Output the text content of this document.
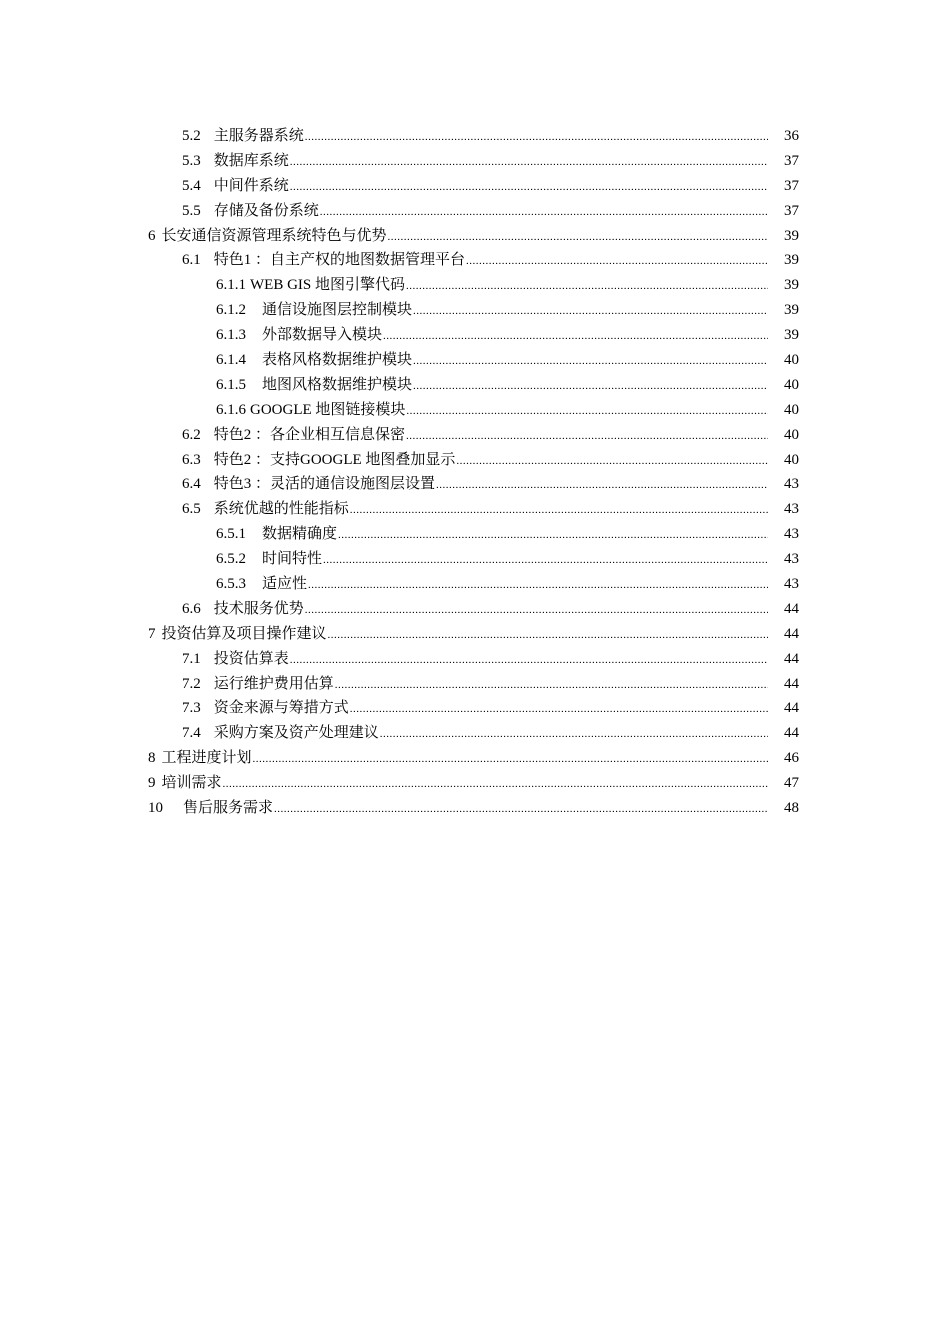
5.2 主服务器系统 .....	36
5.3 数据库系统 .....	37
5.4 中间件系统 .....	37
5.5 存储及备份系统 .....	37
6 长安通信资源管理系统特色与优势 .....	39
6.1 特色1 ：自主产权的地图数据管理平台 .....	39
6.1.1 WEB GIS 地图引擎代码 .....	39
6.1.2 通信设施图层控制模块 .....	39
6.1.3 外部数据导入模块 .....	39
6.1.4 表格风格数据维护模块 .....	40
6.1.5 地图风格数据维护模块 .....	40
6.1.6 GOOGLE 地图链接模块 .....	40
6.2 特色2 ：各企业相互信息保密 .....	40
6.3 特色2 ：支持GOOGLE 地图叠加显示 .....	40
6.4 特色3 ：灵活的通信设施图层设置 .....	43
6.5 系统优越的性能指标 .....	43
6.5.1 数据精确度 .....	43
6.5.2 时间特性 .....	43
6.5.3 适应性 .....	43
6.6 技术服务优势 .....	44
7 投资估算及项目操作建议 .....	44
7.1 投资估算表 .....	44
7.2 运行维护费用估算 .....	44
7.3 资金来源与筹措方式 .....	44
7.4 采购方案及资产处理建议 .....	44
8 工程进度计划 .....	46
9 培训需求 .....	47
10 售后服务需求 .....	48
